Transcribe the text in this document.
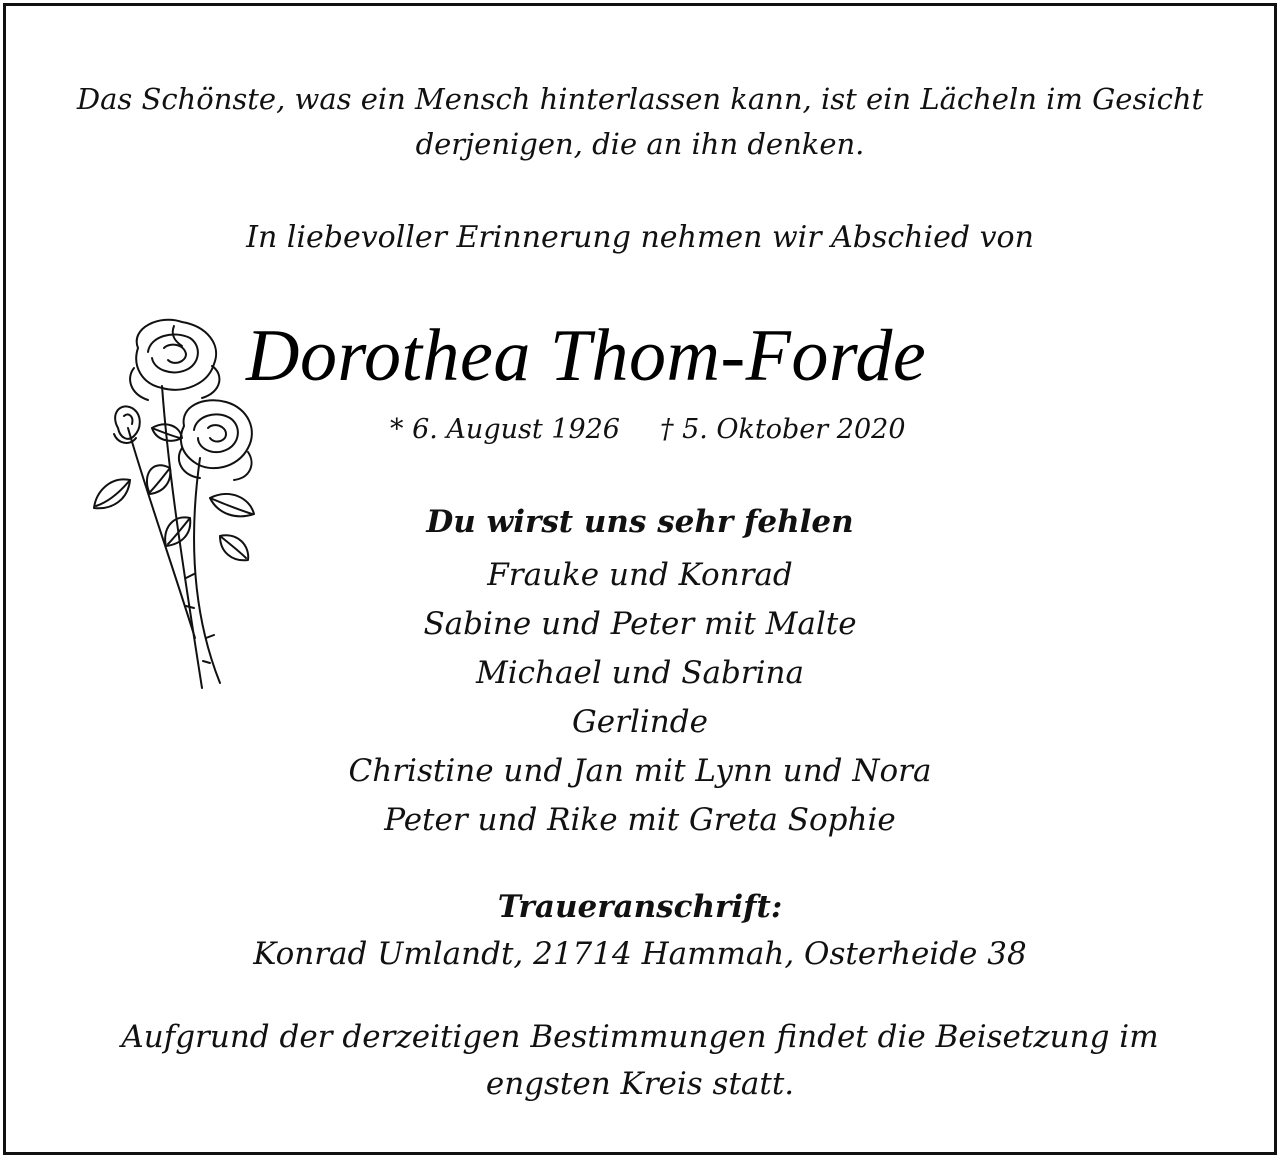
Das Schönste, was ein Mensch hinterlassen kann, ist ein Lächeln im Gesicht
derjenigen, die an ihn denken.
In liebevoller Erinnerung nehmen wir Abschied von
Dorothea Thom-Forde
* 6. August 1926 † 5. Oktober 2020
Du wirst uns sehr fehlen
Frauke und Konrad
Sabine und Peter mit Malte
Michael und Sabrina
Gerlinde
Christine und Jan mit Lynn und Nora
Peter und Rike mit Greta Sophie
Traueranschrift:
Konrad Umlandt, 21714 Hammah, Osterheide 38
Aufgrund der derzeitigen Bestimmungen findet die Beisetzung im
engsten Kreis statt.
